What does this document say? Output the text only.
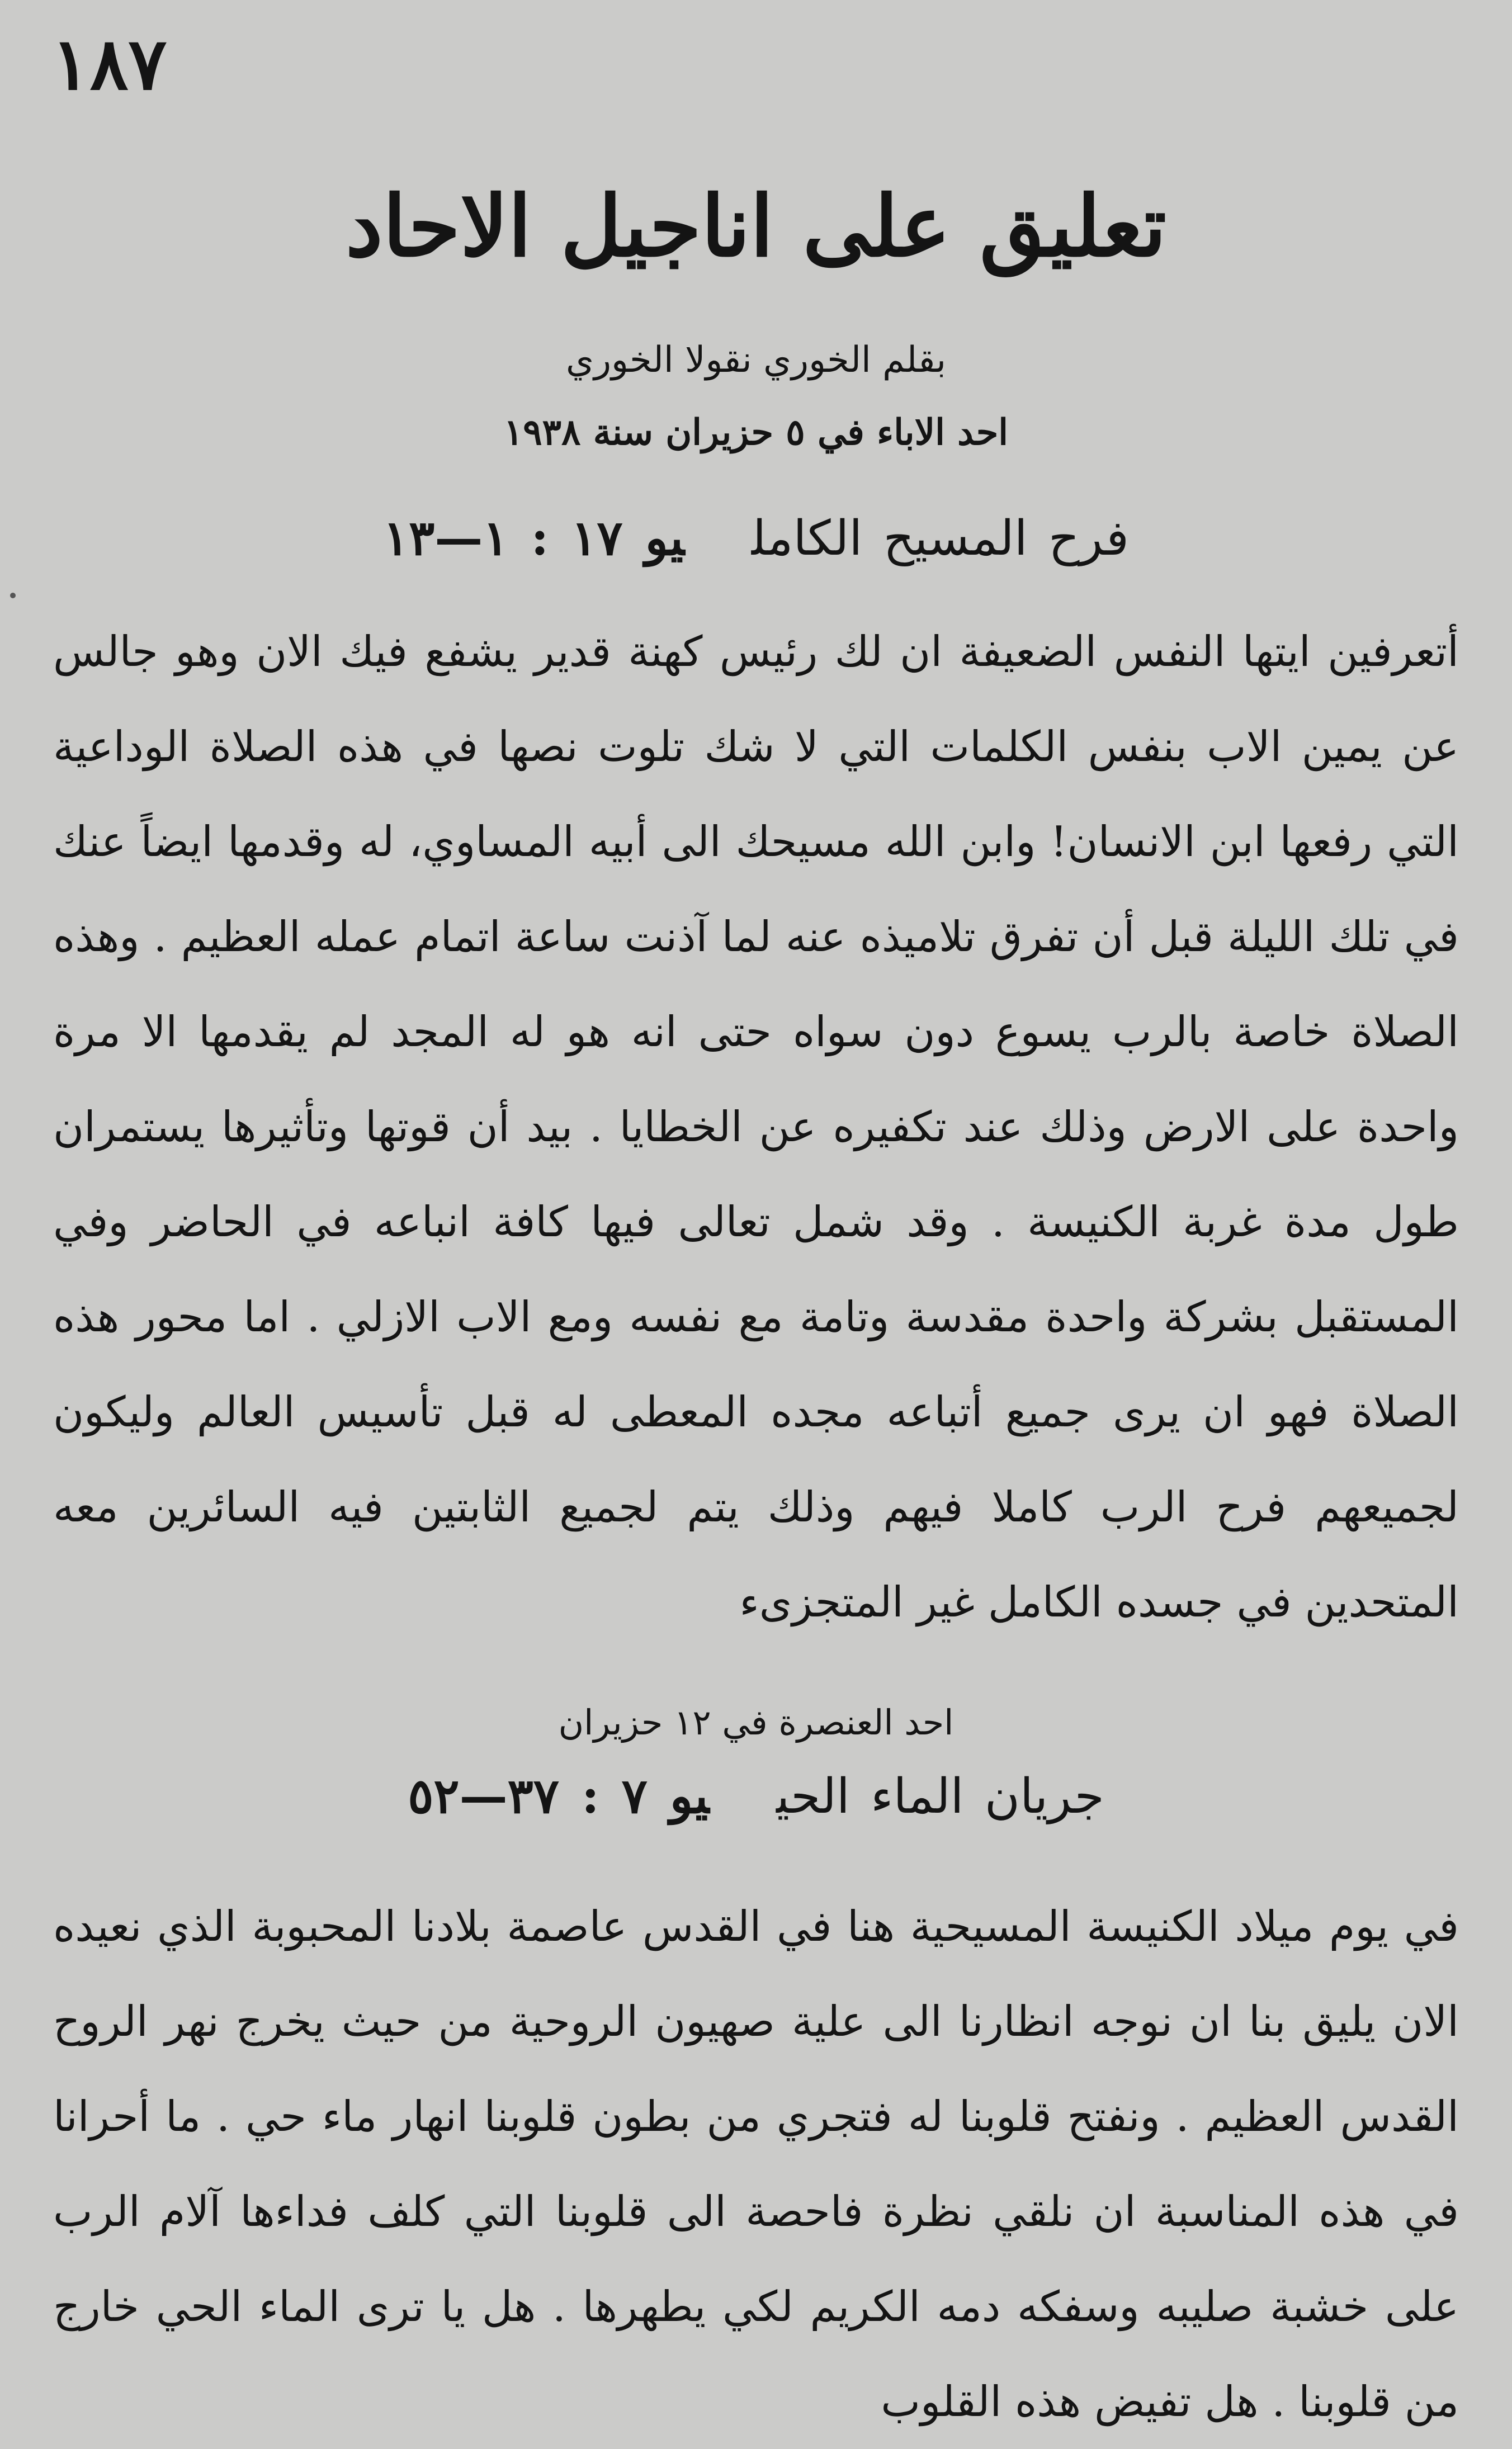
١٨٧
تعليق على اناجيل الاحاد
بقلم الخوري نقولا الخوري
احد الاباء في ٥ حزيران سنة ١٩٣٨
فرح المسيح الكامليو ١٧ : ١—١٣

أتعرفين ايتها النفس الضعيفة ان لك رئيس كهنة قدير يشفع فيك الان وهو جالس عن يمين الاب بنفس الكلمات التي لا شك تلوت نصها في هذه الصلاة الوداعية التي رفعها ابن الانسان! وابن الله مسيحك الى أبيه المساوي، له وقدمها ايضاً عنك في تلك الليلة قبل أن تفرق تلاميذه عنه لما آذنت ساعة اتمام عمله العظيم . وهذه الصلاة خاصة بالرب يسوع دون سواه حتى انه هو له المجد لم يقدمها الا مرة واحدة على الارض وذلك عند تكفيره عن الخطايا . بيد أن قوتها وتأثيرها يستمران طول مدة غربة الكنيسة . وقد شمل تعالى فيها كافة انباعه في الحاضر وفي المستقبل بشركة واحدة مقدسة وتامة مع نفسه ومع الاب الازلي . اما محور هذه الصلاة فهو ان يرى جميع أتباعه مجده المعطى له قبل تأسيس العالم وليكون لجميعهم فرح الرب كاملا فيهم وذلك يتم لجميع الثابتين فيه السائرين معه المتحدين في جسده الكامل غير المتجزىء

احد العنصرة في ١٢ حزيران
جريان الماء الحييو ٧ : ٣٧—٥٢

في يوم ميلاد الكنيسة المسيحية هنا في القدس عاصمة بلادنا المحبوبة الذي نعيده الان يليق بنا ان نوجه انظارنا الى علية صهيون الروحية من حيث يخرج نهر الروح القدس العظيم . ونفتح قلوبنا له فتجري من بطون قلوبنا انهار ماء حي . ما أحرانا في هذه المناسبة ان نلقي نظرة فاحصة الى قلوبنا التي كلف فداءها آلام الرب على خشبة صليبه وسفكه دمه الكريم لكي يطهرها . هل يا ترى الماء الحي خارج من قلوبنا . هل تفيض هذه القلوب
